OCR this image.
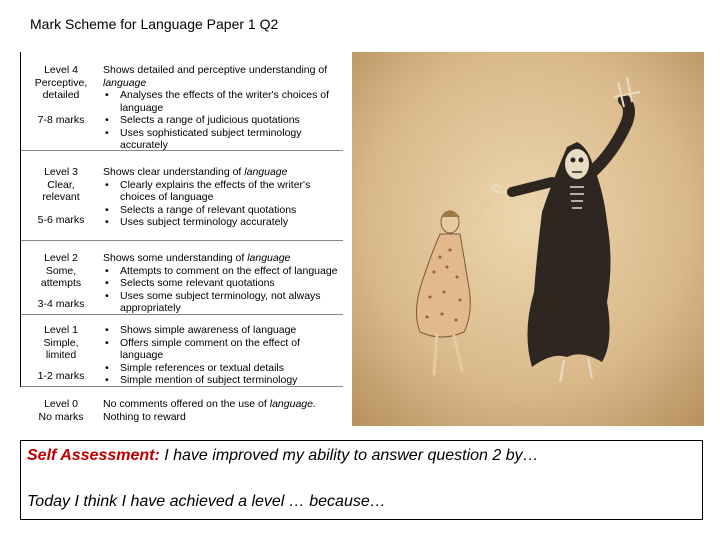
Mark Scheme for Language Paper 1 Q2
Level 4
Perceptive,
detailed
7-8 marks
Shows detailed and perceptive understanding of language
• Analyses the effects of the writer's choices of language
• Selects a range of judicious quotations
• Uses sophisticated subject terminology accurately
Level 3
Clear,
relevant
5-6 marks
Shows clear understanding of language
• Clearly explains the effects of the writer's choices of language
• Selects a range of relevant quotations
• Uses subject terminology accurately
Level 2
Some,
attempts
3-4 marks
Shows some understanding of language
• Attempts to comment on the effect of language
• Selects some relevant quotations
• Uses some subject terminology, not always appropriately
Level 1
Simple,
limited
1-2 marks
• Shows simple awareness of language
• Offers simple comment on the effect of language
• Simple references or textual details
• Simple mention of subject terminology
Level 0
No marks
No comments offered on the use of language.
Nothing to reward
Self Assessment: I have improved my ability to answer question 2 by…
Today I think I have achieved a level … because…
